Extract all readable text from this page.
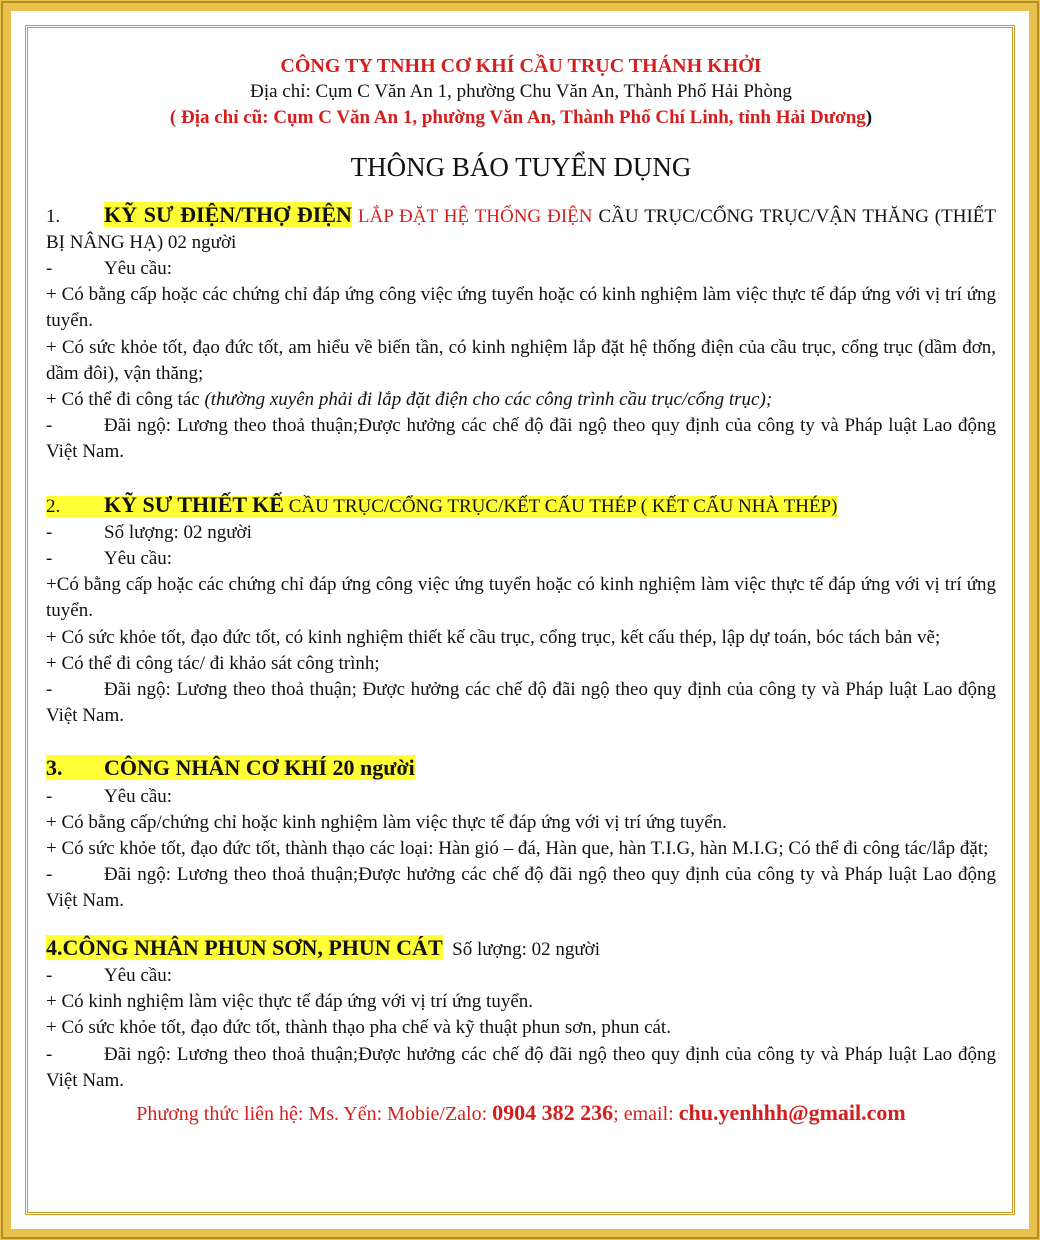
CÔNG TY TNHH CƠ KHÍ CẦU TRỤC THÁNH KHỞI
Địa chỉ: Cụm C Văn An 1, phường Chu Văn An, Thành Phố Hải Phòng
( Địa chỉ cũ: Cụm C Văn An 1, phường Văn An, Thành Phố Chí Linh, tỉnh Hải Dương)
THÔNG BÁO TUYỂN DỤNG
1. KỸ SƯ ĐIỆN/THỢ ĐIỆN LẮP ĐẶT HỆ THỐNG ĐIỆN CẦU TRỤC/CỔNG TRỤC/VẬN THĂNG (THIẾT BỊ NÂNG HẠ) 02 người
-	Yêu cầu:
+ Có bằng cấp hoặc các chứng chỉ đáp ứng công việc ứng tuyển hoặc có kinh nghiệm làm việc thực tế đáp ứng với vị trí ứng tuyển.
+ Có sức khỏe tốt, đạo đức tốt, am hiểu về biến tần, có kinh nghiệm lắp đặt hệ thống điện của cầu trục, cổng trục (dầm đơn, dầm đôi), vận thăng;
+ Có thể đi công tác (thường xuyên phải đi lắp đặt điện cho các công trình cầu trục/cổng trục);
-	Đãi ngộ: Lương theo thoả thuận;Được hưởng các chế độ đãi ngộ theo quy định của công ty và Pháp luật Lao động Việt Nam.
2. KỸ SƯ THIẾT KẾ CẦU TRỤC/CỔNG TRỤC/KẾT CẤU THÉP ( KẾT CẤU NHÀ THÉP)
-	Số lượng: 02 người
-	Yêu cầu:
+Có bằng cấp hoặc các chứng chỉ đáp ứng công việc ứng tuyển hoặc có kinh nghiệm làm việc thực tế đáp ứng với vị trí ứng tuyển.
+ Có sức khỏe tốt, đạo đức tốt, có kinh nghiệm thiết kế cầu trục, cổng trục, kết cấu thép, lập dự toán, bóc tách bản vẽ;
+ Có thể đi công tác/ đi khảo sát công trình;
-	Đãi ngộ: Lương theo thoả thuận; Được hưởng các chế độ đãi ngộ theo quy định của công ty và Pháp luật Lao động Việt Nam.
3. CÔNG NHÂN CƠ KHÍ 20 người
-	Yêu cầu:
+ Có bằng cấp/chứng chỉ hoặc kinh nghiệm làm việc thực tế đáp ứng với vị trí ứng tuyển.
+ Có sức khỏe tốt, đạo đức tốt, thành thạo các loại: Hàn gió – đá, Hàn que, hàn T.I.G, hàn M.I.G; Có thể đi công tác/lắp đặt;
-	Đãi ngộ: Lương theo thoả thuận;Được hưởng các chế độ đãi ngộ theo quy định của công ty và Pháp luật Lao động Việt Nam.
4.CÔNG NHÂN PHUN SƠN, PHUN CÁT Số lượng: 02 người
-	Yêu cầu:
+ Có kinh nghiệm làm việc thực tế đáp ứng với vị trí ứng tuyển.
+ Có sức khỏe tốt, đạo đức tốt, thành thạo pha chế và kỹ thuật phun sơn, phun cát.
-	Đãi ngộ: Lương theo thoả thuận;Được hưởng các chế độ đãi ngộ theo quy định của công ty và Pháp luật Lao động Việt Nam.
Phương thức liên hệ: Ms. Yến: Mobie/Zalo: 0904 382 236; email: chu.yenhhh@gmail.com
